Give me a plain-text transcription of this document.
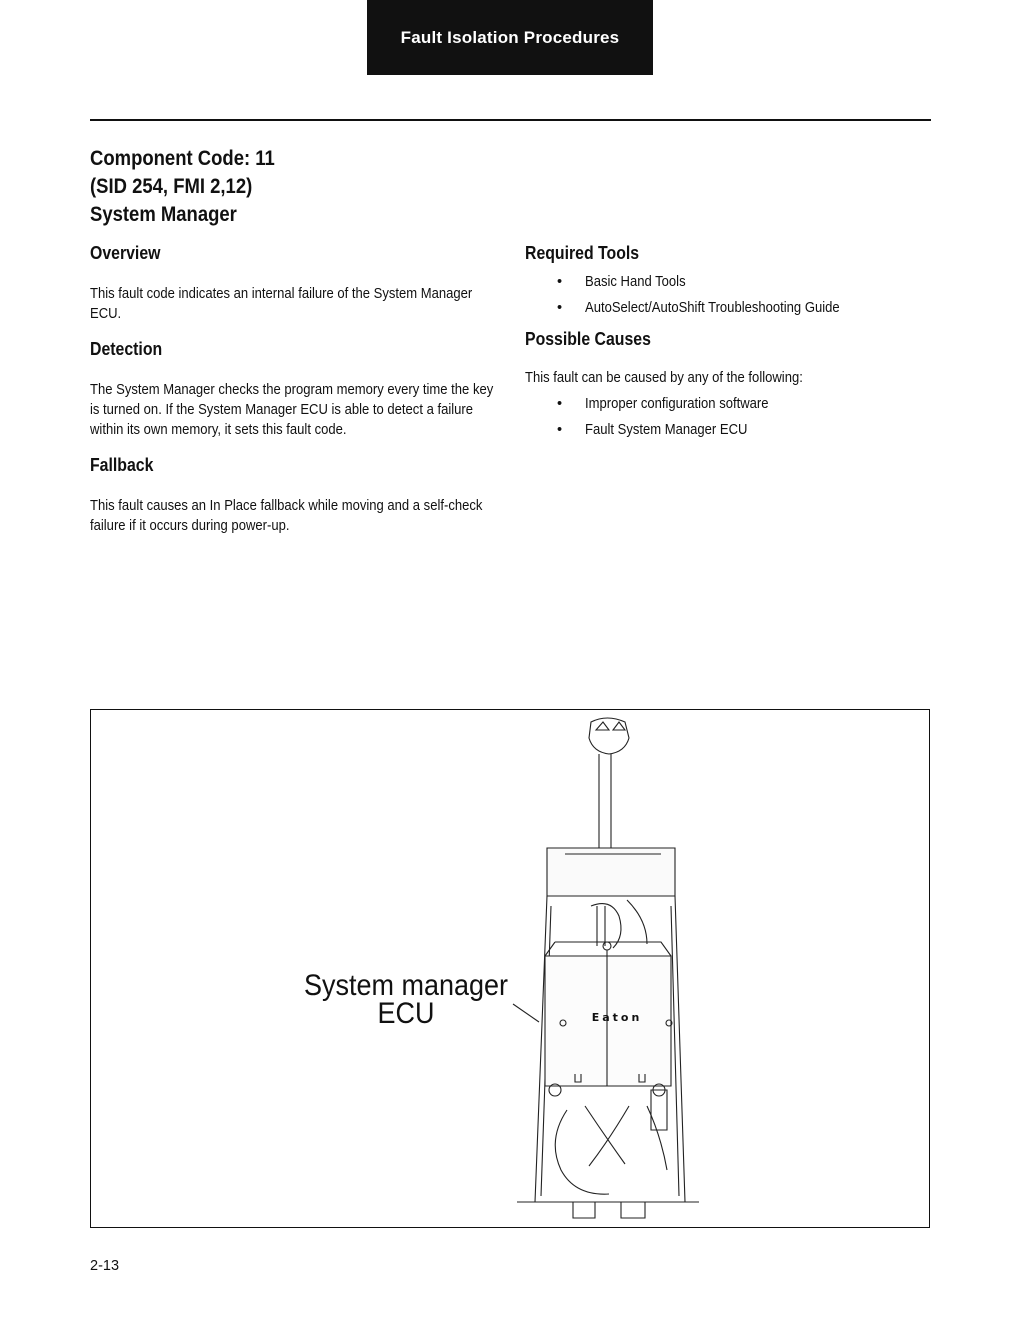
Fault Isolation Procedures
Component Code: 11
(SID 254, FMI 2,12)
System Manager
Overview

This fault code indicates an internal failure of the System Manager ECU.

Detection

The System Manager checks the program memory every time the key is turned on. If the System Manager ECU is able to detect a failure within its own memory, it sets this fault code.

Fallback

This fault causes an In Place fallback while moving and a self-check failure if it occurs during power-up.

Required Tools
• Basic Hand Tools
• AutoSelect/AutoShift Troubleshooting Guide
Possible Causes

This fault can be caused by any of the following:

• Improper configuration software
• Fault System Manager ECU
Eaton
System manager
ECU
2-13
